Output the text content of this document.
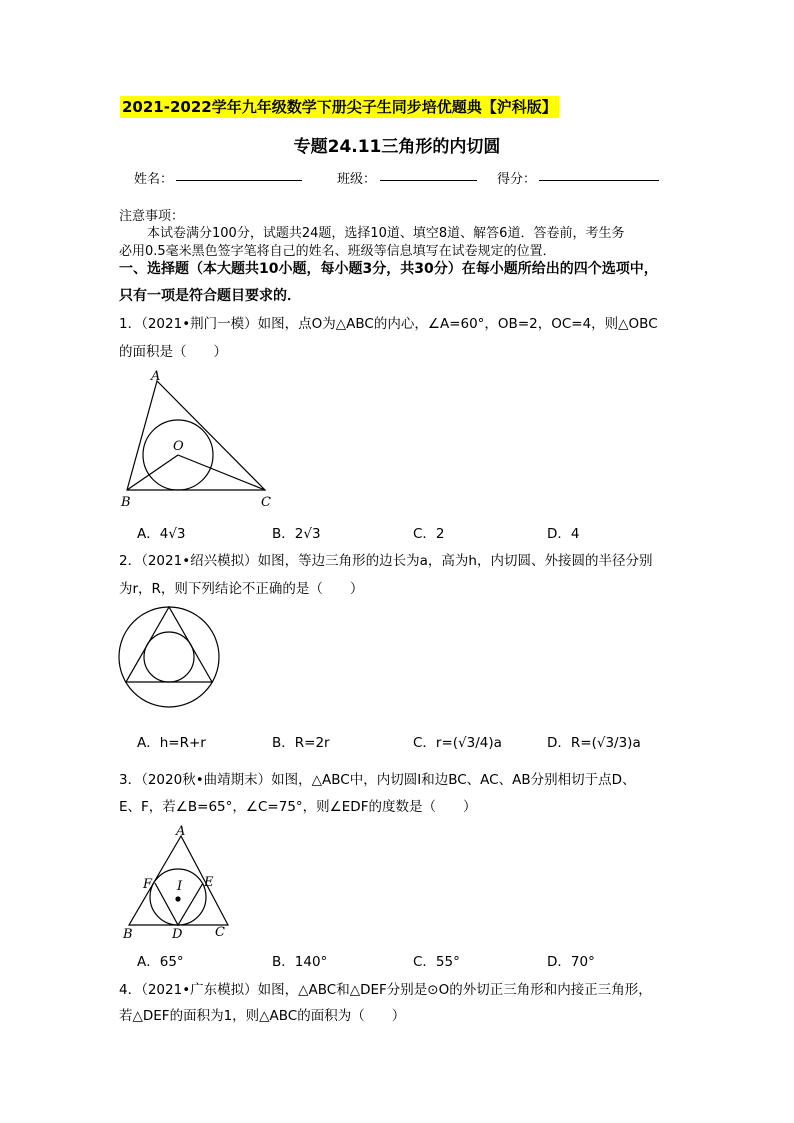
2021-2022学年九年级数学下册尖子生同步培优题典【沪科版】
专题24.11三角形的内切圆
姓名：	班级：	得分：
注意事项：
本试卷满分100分，试题共24题，选择10道、填空8道、解答6道．答卷前，考生务
必用0.5毫米黑色签字笔将自己的姓名、班级等信息填写在试卷规定的位置．
一、选择题（本大题共10小题，每小题3分，共30分）在每小题所给出的四个选项中，
只有一项是符合题目要求的．
1．（2021•荆门一模）如图，点O为△ABC的内心，∠A=60°，OB=2，OC=4，则△OBC
的面积是（　　）
A
O
B	C
A．4√3	B．2√3	C．2	D．4
2．（2021•绍兴模拟）如图，等边三角形的边长为a，高为h，内切圆、外接圆的半径分别
为r，R，则下列结论不正确的是（　　）
A．h=R+r	B．R=2r	C．r=(√3/4)a	D．R=(√3/3)a
3．（2020秋•曲靖期末）如图，△ABC中，内切圆I和边BC、AC、AB分别相切于点D、
E、F，若∠B=65°，∠C=75°，则∠EDF的度数是（　　）
A
F I E
B	D	C
A．65°	B．140°	C．55°	D．70°
4．（2021•广东模拟）如图，△ABC和△DEF分别是⊙O的外切正三角形和内接正三角形，
若△DEF的面积为1，则△ABC的面积为（　　）
